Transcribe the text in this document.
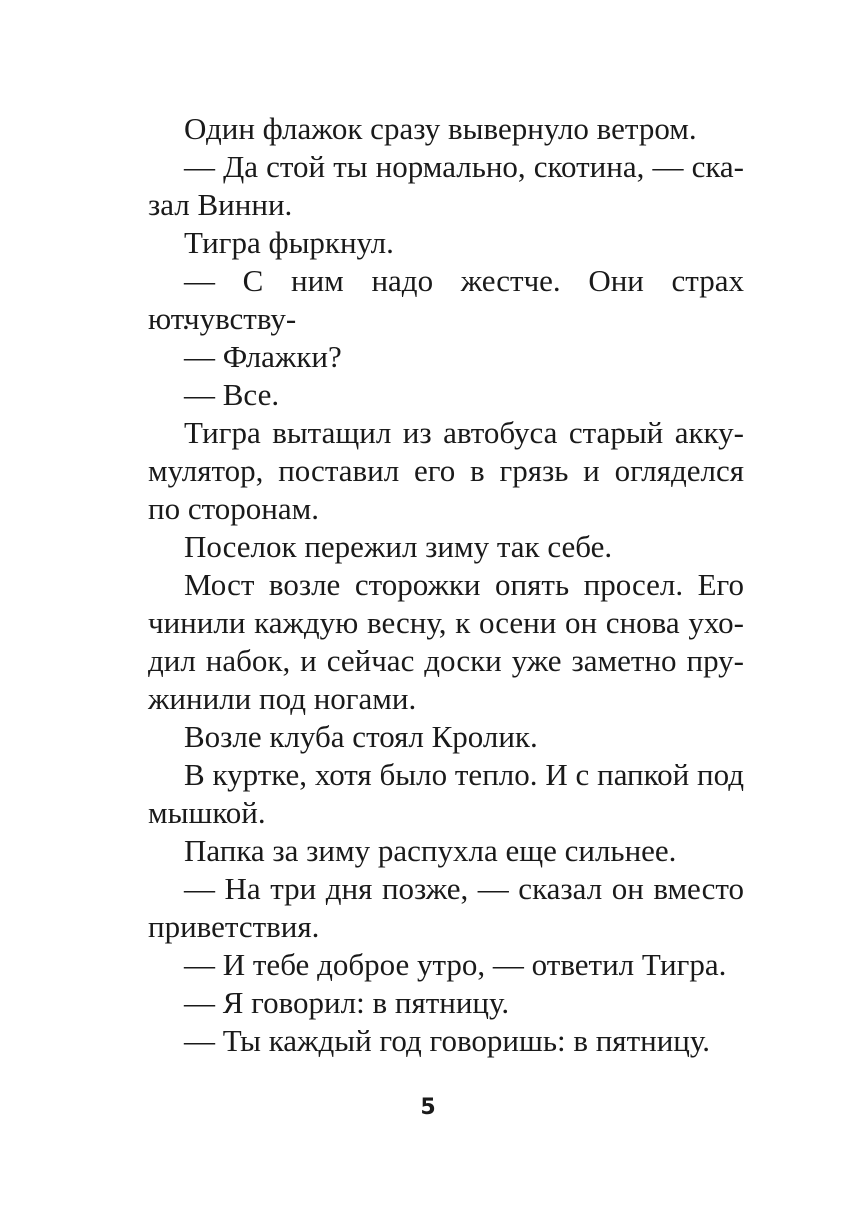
Один флажок сразу вывернуло ветром.
— Да стой ты нормально, скотина, — ска-
зал Винни.
Тигра фыркнул.
— С ним надо жестче. Они страх чувству-
ют.
— Флажки?
— Все.
Тигра вытащил из автобуса старый акку-
мулятор, поставил его в грязь и огляделся
по сторонам.
Поселок пережил зиму так себе.
Мост возле сторожки опять просел. Его
чинили каждую весну, к осени он снова ухо-
дил набок, и сейчас доски уже заметно пру-
жинили под ногами.
Возле клуба стоял Кролик.
В куртке, хотя было тепло. И с папкой под
мышкой.
Папка за зиму распухла еще сильнее.
— На три дня позже, — сказал он вместо
приветствия.
— И тебе доброе утро, — ответил Тигра.
— Я говорил: в пятницу.
— Ты каждый год говоришь: в пятницу.
5
